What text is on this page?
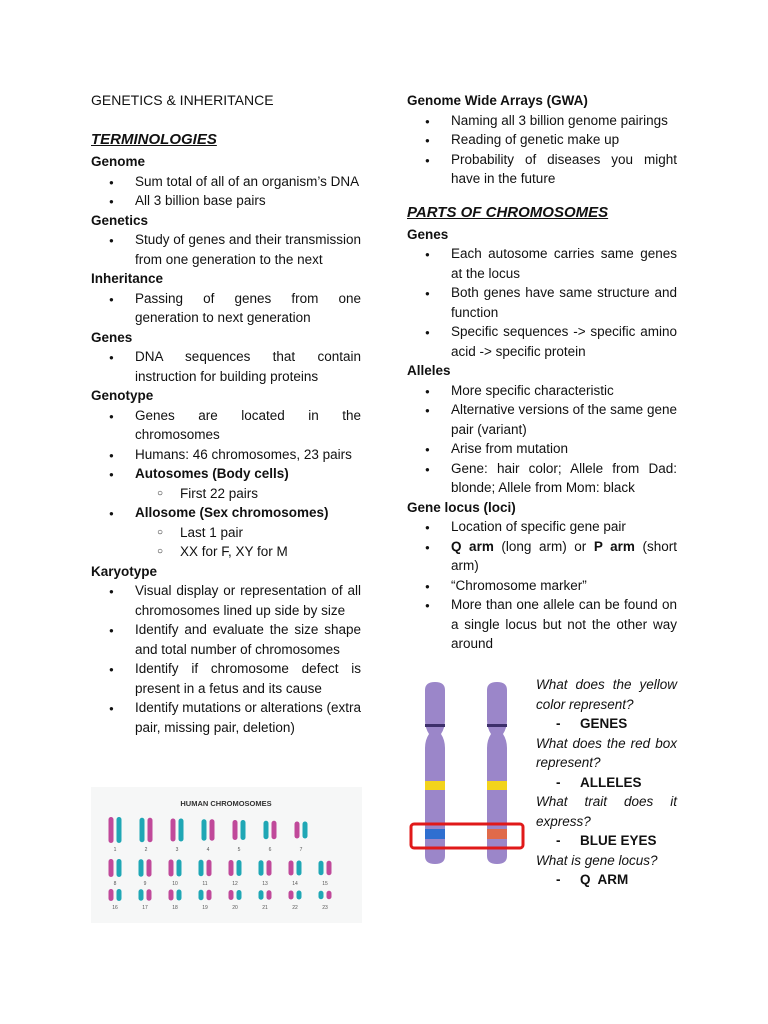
GENETICS & INHERITANCE

TERMINOLOGIES

Genome

● Sum total of all of an organism’s DNA
● All 3 billion base pairs

Genetics

● Study of genes and their transmission from one generation to the next

Inheritance

● Passing of genes from one generation to next generation

Genes

● DNA sequences that contain instruction for building proteins

Genotype

● Genes are located in the chromosomes
● Humans: 46 chromosomes, 23 pairs
● Autosomes (Body cells)
○ First 22 pairs
● Allosome (Sex chromosomes)
○ Last 1 pair
○ XX for F, XY for M

Karyotype

● Visual display or representation of all chromosomes lined up side by size
● Identify and evaluate the size shape and total number of chromosomes
● Identify if chromosome defect is present in a fetus and its cause
● Identify mutations or alterations (extra pair, missing pair, deletion)
HUMAN CHROMOSOMES
1	2	3	4	5	6	7
8	9	10	11	12	13	14	15
16	17	18	19	20	21	22	23

Genome Wide Arrays (GWA)

● Naming all 3 billion genome pairings
● Reading of genetic make up
● Probability of diseases you might have in the future

PARTS OF CHROMOSOMES

Genes

● Each autosome carries same genes at the locus
● Both genes have same structure and function
● Specific sequences -> specific amino acid -> specific protein

Alleles

● More specific characteristic
● Alternative versions of the same gene pair (variant)
● Arise from mutation
● Gene: hair color; Allele from Dad: blonde; Allele from Mom: black

Gene locus (loci)

● Location of specific gene pair
● Q arm (long arm) or P arm (short arm)
● “Chromosome marker”
● More than one allele can be found on a single locus but not the other way around

What does the yellow color represent?

- GENES

What does the red box represent?

- ALLELES

What trait does it express?

- BLUE EYES

What is gene locus?

- Q  ARM
